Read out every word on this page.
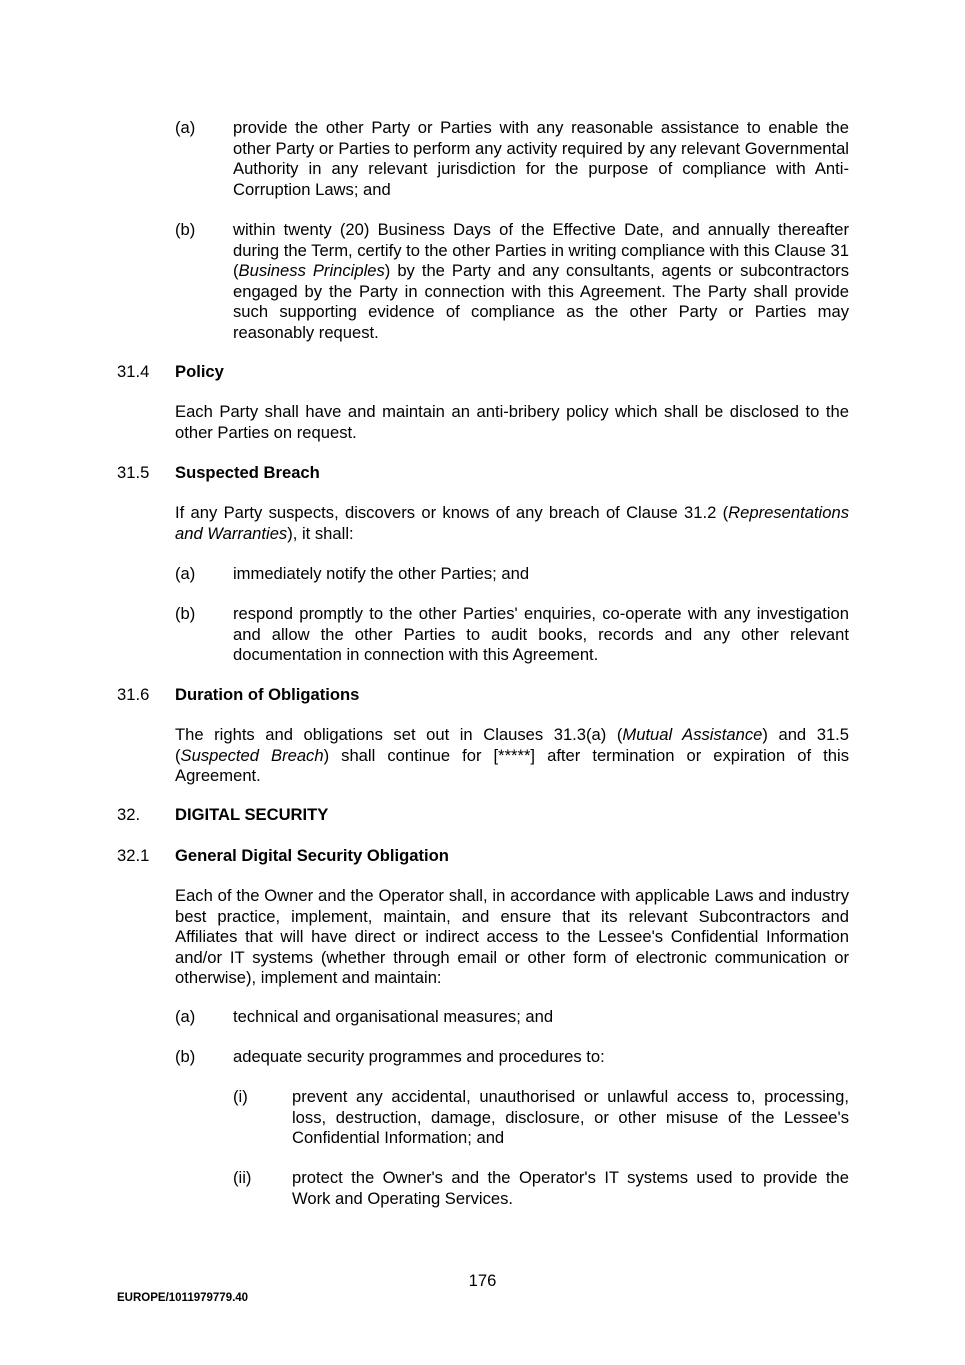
(a) provide the other Party or Parties with any reasonable assistance to enable the other Party or Parties to perform any activity required by any relevant Governmental Authority in any relevant jurisdiction for the purpose of compliance with Anti-Corruption Laws; and

(b) within twenty (20) Business Days of the Effective Date, and annually thereafter during the Term, certify to the other Parties in writing compliance with this Clause 31 (Business Principles) by the Party and any consultants, agents or subcontractors engaged by the Party in connection with this Agreement. The Party shall provide such supporting evidence of compliance as the other Party or Parties may reasonably request.

31.4 Policy

Each Party shall have and maintain an anti-bribery policy which shall be disclosed to the other Parties on request.

31.5 Suspected Breach

If any Party suspects, discovers or knows of any breach of Clause 31.2 (Representations and Warranties), it shall:

(a) immediately notify the other Parties; and

(b) respond promptly to the other Parties' enquiries, co-operate with any investigation and allow the other Parties to audit books, records and any other relevant documentation in connection with this Agreement.

31.6 Duration of Obligations

The rights and obligations set out in Clauses 31.3(a) (Mutual Assistance) and 31.5 (Suspected Breach) shall continue for [*****] after termination or expiration of this Agreement.

32. DIGITAL SECURITY
32.1 General Digital Security Obligation

Each of the Owner and the Operator shall, in accordance with applicable Laws and industry best practice, implement, maintain, and ensure that its relevant Subcontractors and Affiliates that will have direct or indirect access to the Lessee's Confidential Information and/or IT systems (whether through email or other form of electronic communication or otherwise), implement and maintain:

(a) technical and organisational measures; and

(b) adequate security programmes and procedures to:

(i)	prevent any accidental, unauthorised or unlawful access to, processing, loss, destruction, damage, disclosure, or other misuse of the Lessee's Confidential Information; and

(ii) protect the Owner's and the Operator's IT systems used to provide the Work and Operating Services.

176
EUROPE/1011979779.40
